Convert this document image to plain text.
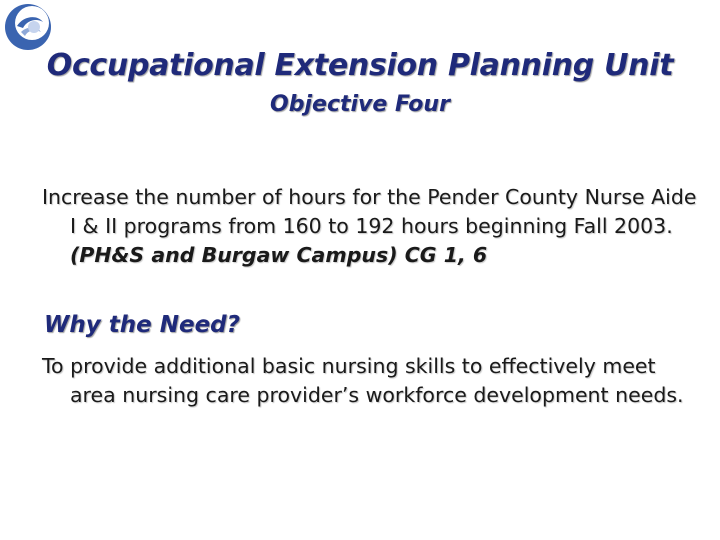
Occupational Extension Planning Unit
Objective Four
Increase the number of hours for the Pender County Nurse Aide I & II programs from 160 to 192 hours beginning Fall 2003. (PH&S and Burgaw Campus) CG 1, 6
Why the Need?
To provide additional basic nursing skills to effectively meet area nursing care provider’s workforce development needs.
